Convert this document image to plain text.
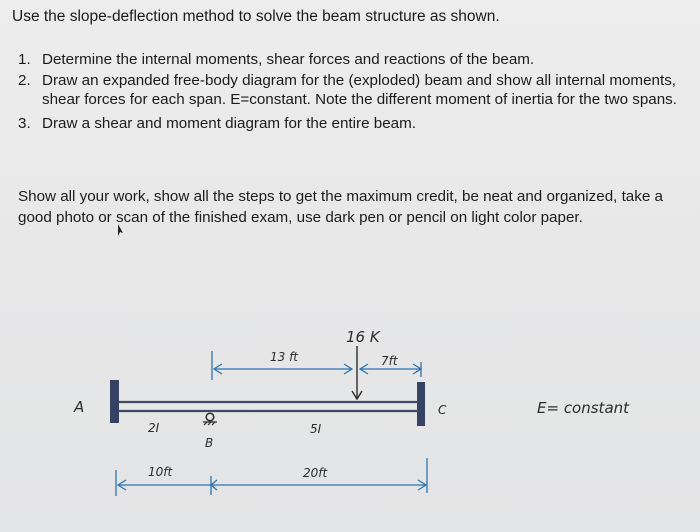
Use the slope-deflection method to solve the beam structure as shown.
1. Determine the internal moments, shear forces and reactions of the beam.
2. Draw an expanded free-body diagram for the (exploded) beam and show all internal moments, shear forces for each span. E=constant. Note the different moment of inertia for the two spans.
3. Draw a shear and moment diagram for the entire beam.
Show all your work, show all the steps to get the maximum credit, be neat and organized, take a good photo or scan of the finished exam, use dark pen or pencil on light color paper.
16 K
13 ft	7ft
A	C
2I
B
5I
10ft	20ft
E= constant
